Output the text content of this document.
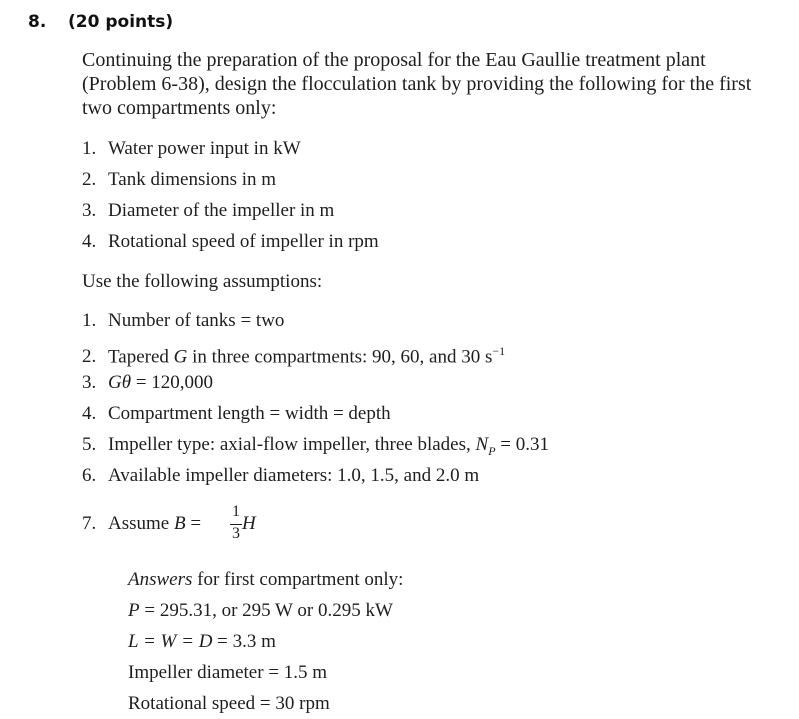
8. (20 points)
Continuing the preparation of the proposal for the Eau Gaullie treatment plant (Problem 6-38), design the flocculation tank by providing the following for the first two compartments only:
1. Water power input in kW
2. Tank dimensions in m
3. Diameter of the impeller in m
4. Rotational speed of impeller in rpm
Use the following assumptions:
1. Number of tanks = two
2. Tapered G in three compartments: 90, 60, and 30 $s^{-1}$
3. Gθ = 120,000
4. Compartment length = width = depth
5. Impeller type: axial-flow impeller, three blades, $N_P = 0.31$
6. Available impeller diameters: 1.0, 1.5, and 2.0 m
7. Assume B =
1
3 H
Answers for first compartment only:
P = 295.31, or 295 W or 0.295 kW
L = W = D = 3.3 m
Impeller diameter = 1.5 m
Rotational speed = 30 rpm
